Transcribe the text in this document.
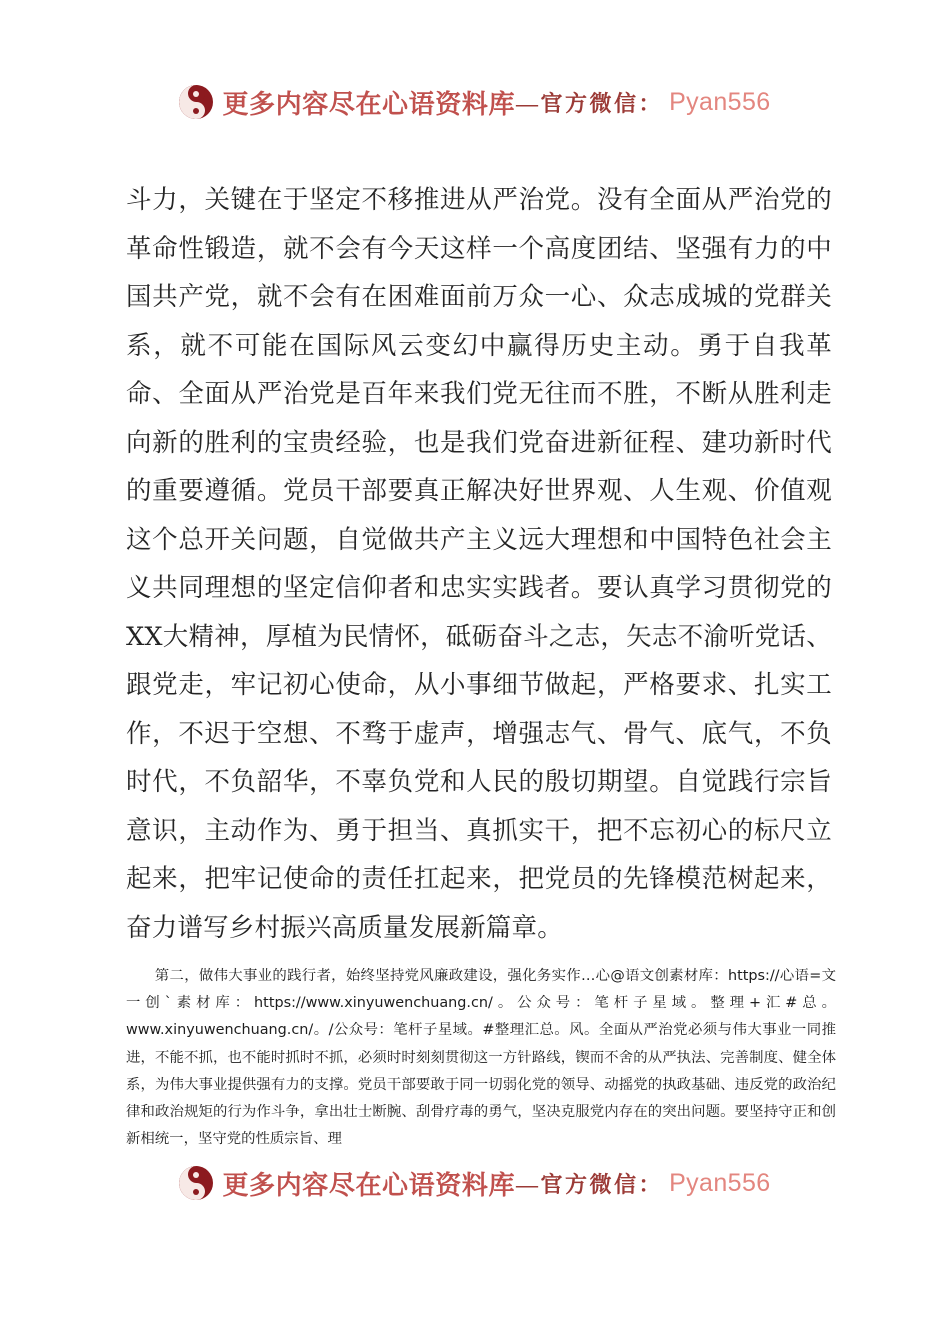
更多内容尽在心语资料库 —官方微信： Pyan556

斗力，关键在于坚定不移推进从严治党。没有全面从严治党的革命性锻造，就不会有今天这样一个高度团结、坚强有力的中国共产党，就不会有在困难面前万众一心、众志成城的党群关系，就不可能在国际风云变幻中赢得历史主动。勇于自我革命、全面从严治党是百年来我们党无往而不胜，不断从胜利走向新的胜利的宝贵经验，也是我们党奋进新征程、建功新时代的重要遵循。党员干部要真正解决好世界观、人生观、价值观这个总开关问题，自觉做共产主义远大理想和中国特色社会主义共同理想的坚定信仰者和忠实实践者。要认真学习贯彻党的XX大精神，厚植为民情怀，砥砺奋斗之志，矢志不渝听党话、跟党走，牢记初心使命，从小事细节做起，严格要求、扎实工作，不迟于空想、不骛于虚声，增强志气、骨气、底气，不负时代，不负韶华，不辜负党和人民的殷切期望。自觉践行宗旨意识，主动作为、勇于担当、真抓实干，把不忘初心的标尺立起来，把牢记使命的责任扛起来，把党员的先锋模范树起来，奋力谱写乡村振兴高质量发展新篇章。

第二，做伟大事业的践行者，始终坚持党风廉政建设，强化务实作…心@语文创素材库：https://心语=文一创`素材库：https://www.xinyuwenchuang.cn/。公众号：笔杆子星域。整理+汇#总。www.xinyuwenchuang.cn/。/公众号：笔杆子星域。#整理汇总。风。全面从严治党必须与伟大事业一同推进，不能不抓，也不能时抓时不抓，必须时时刻刻贯彻这一方针路线，锲而不舍的从严执法、完善制度、健全体系，为伟大事业提供强有力的支撑。党员干部要敢于同一切弱化党的领导、动摇党的执政基础、违反党的政治纪律和政治规矩的行为作斗争，拿出壮士断腕、刮骨疗毒的勇气，坚决克服党内存在的突出问题。要坚持守正和创新相统一，坚守党的性质宗旨、理

更多内容尽在心语资料库 —官方微信： Pyan556
